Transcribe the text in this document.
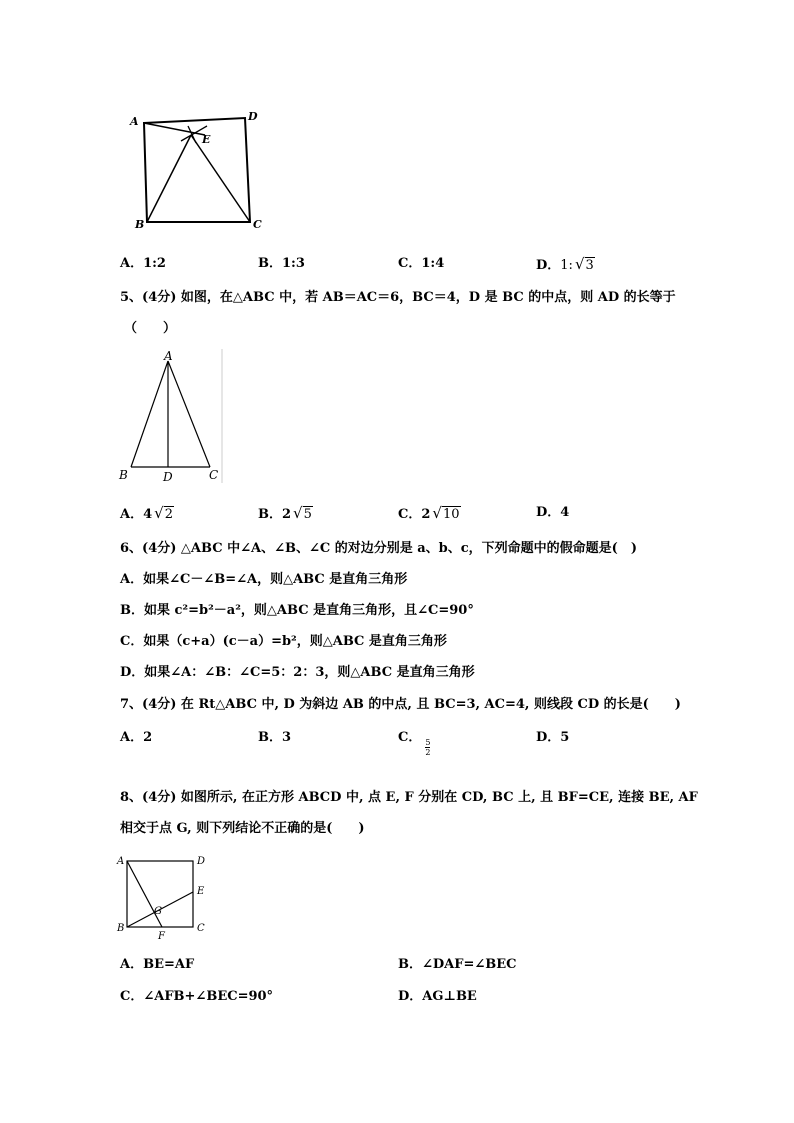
A	D
E
B	C
A．1:2	B．1:3	C．1:4	D．1: √3
5、(4分) 如图，在△ABC 中，若 AB＝AC＝6，BC＝4，D 是 BC 的中点，则 AD 的长等于
（　　）
A
B	D	C
A．4 √2	B．2 √5	C．2 √10	D．4
6、(4分) △ABC 中∠A、∠B、∠C 的对边分别是 a、b、c，下列命题中的假命题是(　)
A．如果∠C－∠B=∠A，则△ABC 是直角三角形
B．如果 c²=b²－a²，则△ABC 是直角三角形，且∠C=90°
C．如果（c+a）(c－a）=b²，则△ABC 是直角三角形
D．如果∠A：∠B：∠C=5：2：3，则△ABC 是直角三角形
7、(4分) 在 Rt△ABC 中, D 为斜边 AB 的中点, 且 BC=3, AC=4, 则线段 CD 的长是(　　)
A．2	B．3	C．
$\frac{5}{2}$
D．5
8、(4分) 如图所示, 在正方形 ABCD 中, 点 E, F 分别在 CD, BC 上, 且 BF=CE, 连接 BE, AF
相交于点 G, 则下列结论不正确的是(　　)
A	D
E
G
B
F
C
A．BE=AF	B．∠DAF=∠BEC
C．∠AFB+∠BEC=90°	D．AG⊥BE
